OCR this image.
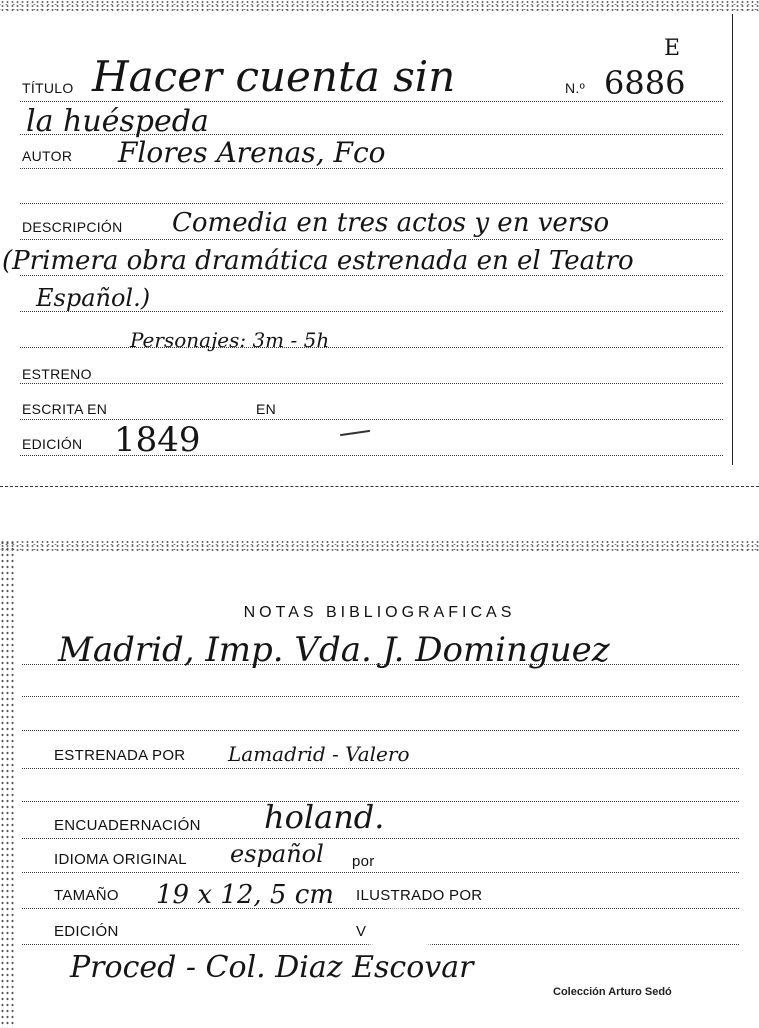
TÍTULO Hacer cuenta sin	N.º 6886
E
la huéspeda
AUTOR Flores Arenas, Fco
DESCRIPCIÓN Comedia en tres actos y en verso
(Primera obra dramática estrenada en el Teatro
Español.)
Personajes: 3m - 5h
ESTRENO
ESCRITA EN	EN
EDICIÓN 1849
NOTAS BIBLIOGRAFICAS
Madrid, Imp. Vda. J. Dominguez
ESTRENADA POR Lamadrid - Valero
ENCUADERNACIÓN holand.
IDIOMA ORIGINAL español por
TAMAÑO 19 x 12, 5 cm ILUSTRADO POR
EDICIÓN	V
Proced - Col. Diaz Escovar
Colección Arturo Sedó
